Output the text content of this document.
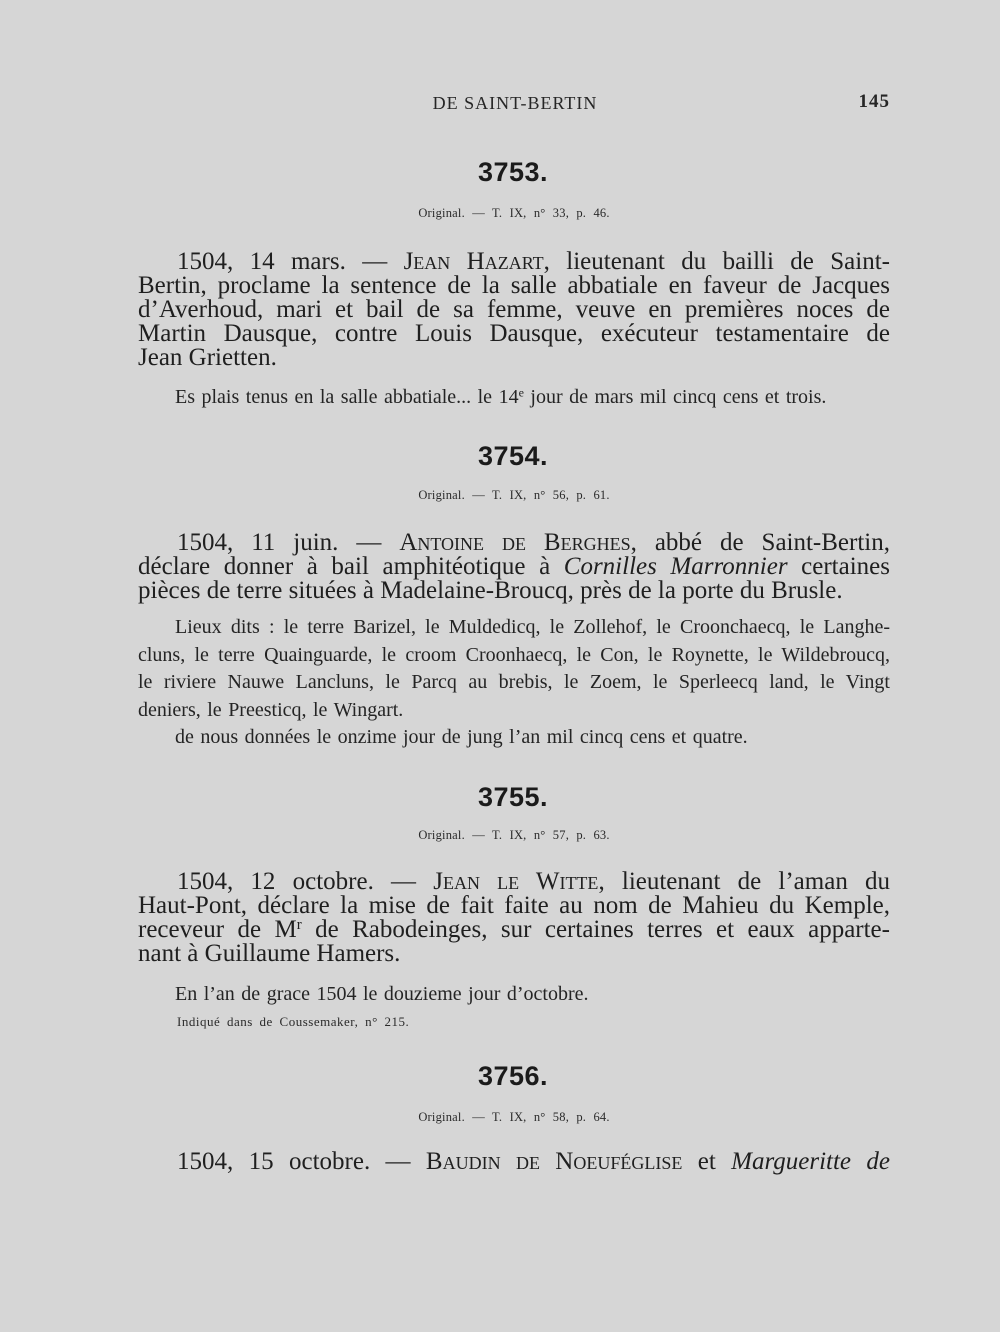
DE SAINT-BERTIN	145
3753.
Original. — T. IX, n° 33, p. 46.
1504, 14 mars. — Jean Hazart, lieutenant du bailli de Saint-
Bertin, proclame la sentence de la salle abbatiale en faveur de Jacques
d’Averhoud, mari et bail de sa femme, veuve en premières noces de
Martin Dausque, contre Louis Dausque, exécuteur testamentaire de
Jean Grietten.
Es plais tenus en la salle abbatiale... le 14e jour de mars mil cincq cens et trois.
3754.
Original. — T. IX, n° 56, p. 61.
1504, 11 juin. — Antoine de Berghes, abbé de Saint-Bertin,
déclare donner à bail amphitéotique à Cornilles Marronnier certaines
pièces de terre situées à Madelaine-Broucq, près de la porte du Brusle.
Lieux dits : le terre Barizel, le Muldedicq, le Zollehof, le Croonchaecq, le Langhe-
cluns, le terre Quainguarde, le croom Croonhaecq, le Con, le Roynette, le Wildebroucq,
le riviere Nauwe Lancluns, le Parcq au brebis, le Zoem, le Sperleecq land, le Vingt
deniers, le Preesticq, le Wingart.
de nous données le onzime jour de jung l’an mil cincq cens et quatre.
3755.
Original. — T. IX, n° 57, p. 63.
1504, 12 octobre. — Jean le Witte, lieutenant de l’aman du
Haut-Pont, déclare la mise de fait faite au nom de Mahieu du Kemple,
receveur de $M^r$ de Rabodeinges, sur certaines terres et eaux apparte-
nant à Guillaume Hamers.
En l’an de grace 1504 le douzieme jour d’octobre.
Indiqué dans de Coussemaker, n° 215.
3756.
Original. — T. IX, n° 58, p. 64.
1504, 15 octobre. — Baudin de Noeuféglise et Margueritte de
